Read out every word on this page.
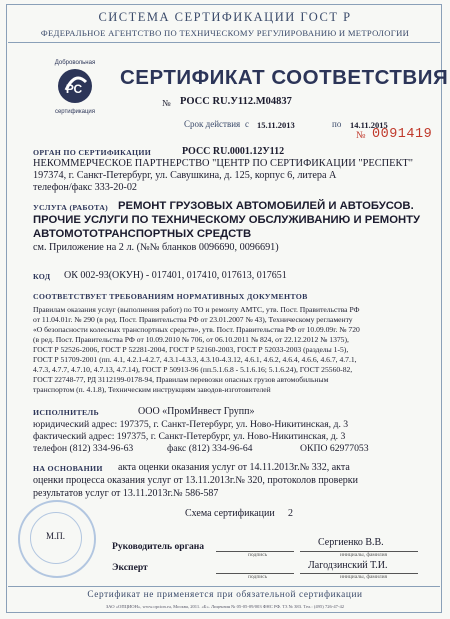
СИСТЕМА СЕРТИФИКАЦИИ ГОСТ Р
ФЕДЕРАЛЬНОЕ АГЕНТСТВО ПО ТЕХНИЧЕСКОМУ РЕГУЛИРОВАНИЮ И МЕТРОЛОГИИ
Добровольная
РС
сертификация
СЕРТИФИКАТ СООТВЕТСТВИЯ
№ РОСС RU.У112.М04837
Срок действия с 15.11.2013	по 14.11.2015
№ 0091419
ОРГАН ПО СЕРТИФИКАЦИИ	РОСС RU.0001.12У112
НЕКОММЕРЧЕСКОЕ ПАРТНЕРСТВО "ЦЕНТР ПО СЕРТИФИКАЦИИ "РЕСПЕКТ"
197374, г. Санкт-Петербург, ул. Савушкина, д. 125, корпус 6, литера А
телефон/факс 333-20-02
УСЛУГА (РАБОТА) РЕМОНТ ГРУЗОВЫХ АВТОМОБИЛЕЙ И АВТОБУСОВ.
ПРОЧИЕ УСЛУГИ ПО ТЕХНИЧЕСКОМУ ОБСЛУЖИВАНИЮ И РЕМОНТУ
АВТОМОТОТРАНСПОРТНЫХ СРЕДСТВ
см. Приложение на 2 л. (№№ бланков 0096690, 0096691)
КОД ОК 002-93(ОКУН) - 017401, 017410, 017613, 017651
СООТВЕТСТВУЕТ ТРЕБОВАНИЯМ НОРМАТИВНЫХ ДОКУМЕНТОВ
Правилам оказания услуг (выполнения работ) по ТО и ремонту АМТС, утв. Пост. Правительства РФ
от 11.04.01г. № 290 (в ред. Пост. Правительства РФ от 23.01.2007 № 43), Техническому регламенту
«О безопасности колесных транспортных средств», утв. Пост. Правительства РФ от 10.09.09г. № 720
(в ред. Пост. Правительства РФ от 10.09.2010 № 706, от 06.10.2011 № 824, от 22.12.2012 № 1375),
ГОСТ Р 52526-2006, ГОСТ Р 52281-2004, ГОСТ Р 52160-2003, ГОСТ Р 52033-2003 (разделы 1-5),
ГОСТ Р 51709-2001 (пп. 4.1, 4.2.1-4.2.7, 4.3.1-4.3.3, 4.3.10-4.3.12, 4.6.1, 4.6.2, 4.6.4, 4.6.6, 4.6.7, 4.7.1,
4.7.3, 4.7.7, 4.7.10, 4.7.13, 4.7.14), ГОСТ Р 50913-96 (пп.5.1.6.8 - 5.1.6.16; 5.1.6.24), ГОСТ 25560-82,
ГОСТ 22748-77, РД 3112199-0178-94, Правилам перевозки опасных грузов автомобильным
транспортом (п. 4.1.8), Техническим инструкциям заводов-изготовителей
ИСПОЛНИТЕЛЬ	ООО «ПромИнвест Групп»
юридический адрес: 197375, г. Санкт-Петербург, ул. Ново-Никитинская, д. 3
фактический адрес: 197375, г. Санкт-Петербург, ул. Ново-Никитинская, д. 3
телефон (812) 334-96-63	факс (812) 334-96-64	ОКПО 62977053
НА ОСНОВАНИИ акта оценки оказания услуг от 14.11.2013г.№ 332, акта
оценки процесса оказания услуг от 13.11.2013г.№ 320, протоколов проверки
результатов услуг от 13.11.2013г.№ 586-587
Схема сертификации 2
М.П.
Руководитель органа
подпись
Сергиенко В.В.
инициалы, фамилия
Эксперт
подпись
Лагодзинский Т.И.
инициалы, фамилия
Сертификат не применяется при обязательной сертификации
ЗАО «ОПЦИОН», www.opcion.ru, Москва, 2011. «Б». Лицензия № 05-05-09/003 ФНС РФ. Т3 № 383. Тел.: (495) 726-47-42
